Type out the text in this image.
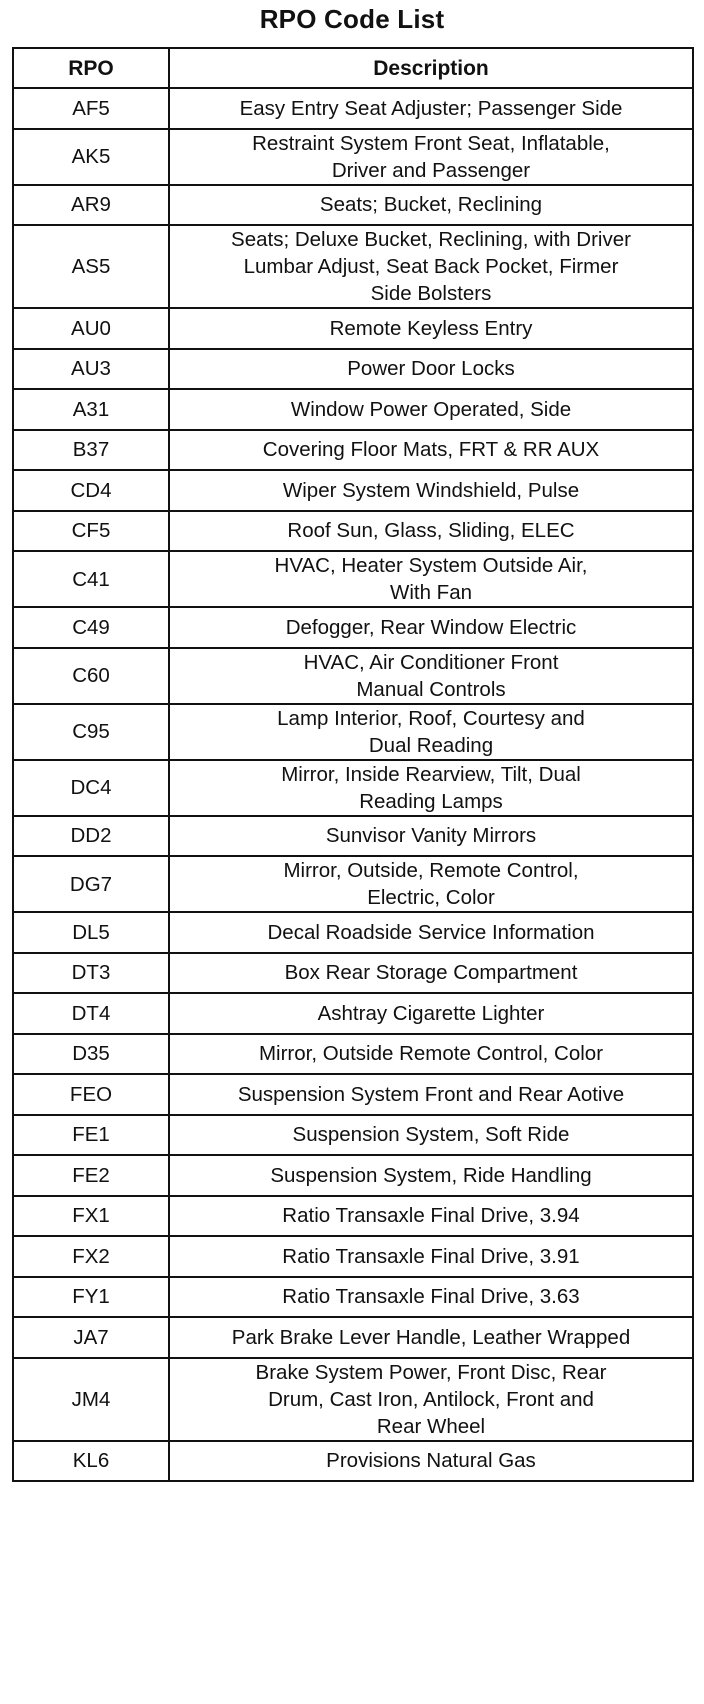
RPO Code List
RPO	Description
AF5	Easy Entry Seat Adjuster; Passenger Side
AK5	Restraint System Front Seat, Inflatable,
Driver and Passenger
AR9	Seats; Bucket, Reclining
AS5	Seats; Deluxe Bucket, Reclining, with Driver
Lumbar Adjust, Seat Back Pocket, Firmer
Side Bolsters
AU0	Remote Keyless Entry
AU3	Power Door Locks
A31	Window Power Operated, Side
B37	Covering Floor Mats, FRT & RR AUX
CD4	Wiper System Windshield, Pulse
CF5	Roof Sun, Glass, Sliding, ELEC
C41	HVAC, Heater System Outside Air,
With Fan
C49	Defogger, Rear Window Electric
C60	HVAC, Air Conditioner Front
Manual Controls
C95	Lamp Interior, Roof, Courtesy and
Dual Reading
DC4	Mirror, Inside Rearview, Tilt, Dual
Reading Lamps
DD2	Sunvisor Vanity Mirrors
DG7	Mirror, Outside, Remote Control,
Electric, Color
DL5	Decal Roadside Service Information
DT3	Box Rear Storage Compartment
DT4	Ashtray Cigarette Lighter
D35	Mirror, Outside Remote Control, Color
FEO	Suspension System Front and Rear Aotive
FE1	Suspension System, Soft Ride
FE2	Suspension System, Ride Handling
FX1	Ratio Transaxle Final Drive, 3.94
FX2	Ratio Transaxle Final Drive, 3.91
FY1	Ratio Transaxle Final Drive, 3.63
JA7	Park Brake Lever Handle, Leather Wrapped
JM4	Brake System Power, Front Disc, Rear
Drum, Cast Iron, Antilock, Front and
Rear Wheel
KL6	Provisions Natural Gas
